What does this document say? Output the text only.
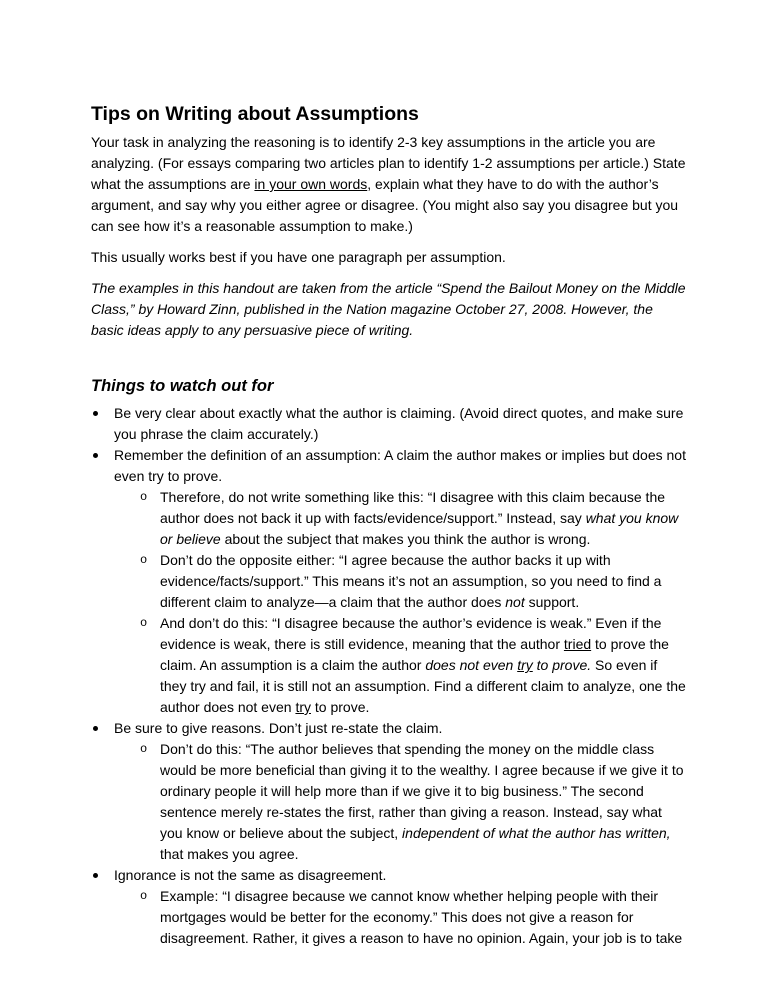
Tips on Writing about Assumptions

Your task in analyzing the reasoning is to identify 2-3 key assumptions in the article you are analyzing. (For essays comparing two articles plan to identify 1-2 assumptions per article.) State what the assumptions are in your own words, explain what they have to do with the author’s argument, and say why you either agree or disagree. (You might also say you disagree but you can see how it’s a reasonable assumption to make.)

This usually works best if you have one paragraph per assumption.

The examples in this handout are taken from the article “Spend the Bailout Money on the Middle Class,” by Howard Zinn, published in the Nation magazine October 27, 2008. However, the basic ideas apply to any persuasive piece of writing.

Things to watch out for
Be very clear about exactly what the author is claiming. (Avoid direct quotes, and make sure you phrase the claim accurately.)
Remember the definition of an assumption: A claim the author makes or implies but does not even try to prove.
o Therefore, do not write something like this: “I disagree with this claim because the author does not back it up with facts/evidence/support.” Instead, say what you know or believe about the subject that makes you think the author is wrong.
o Don’t do the opposite either: “I agree because the author backs it up with evidence/facts/support.” This means it’s not an assumption, so you need to find a different claim to analyze—a claim that the author does not support.
o And don’t do this: “I disagree because the author’s evidence is weak.” Even if the evidence is weak, there is still evidence, meaning that the author tried to prove the claim. An assumption is a claim the author does not even try to prove. So even if they try and fail, it is still not an assumption. Find a different claim to analyze, one the author does not even try to prove.
Be sure to give reasons. Don’t just re-state the claim.
o Don’t do this: “The author believes that spending the money on the middle class would be more beneficial than giving it to the wealthy. I agree because if we give it to ordinary people it will help more than if we give it to big business.” The second sentence merely re-states the first, rather than giving a reason. Instead, say what you know or believe about the subject, independent of what the author has written, that makes you agree.
Ignorance is not the same as disagreement.
o Example: “I disagree because we cannot know whether helping people with their mortgages would be better for the economy.” This does not give a reason for disagreement. Rather, it gives a reason to have no opinion. Again, your job is to take
